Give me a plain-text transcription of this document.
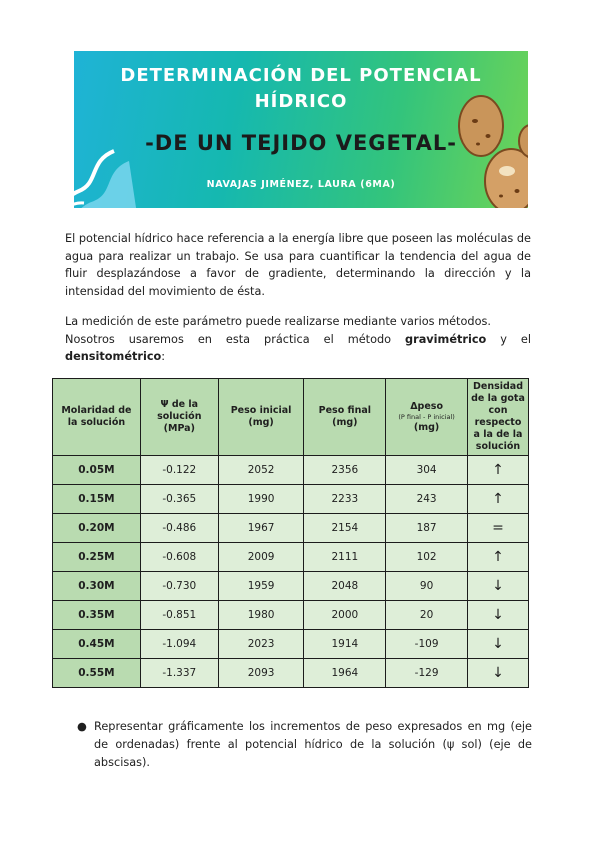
DETERMINACIÓN DEL POTENCIAL
HÍDRICO
-DE UN TEJIDO VEGETAL-
NAVAJAS JIMÉNEZ, LAURA (6MA)
El potencial hídrico hace referencia a la energía libre que poseen las moléculas de agua para realizar un trabajo. Se usa para cuantificar la tendencia del agua de fluir desplazándose a favor de gradiente, determinando la dirección y la intensidad del movimiento de ésta.
La medición de este parámetro puede realizarse mediante varios métodos.
Nosotros usaremos en esta práctica el método gravimétrico y el densitométrico:
Molaridad de la solución	Ψ de la solución (MPa)	Peso inicial (mg)	Peso final (mg)	Δpeso
(P final - P inicial)
(mg)	Densidad de la gota con respecto a la de la solución
0.05M	-0.122	2052	2356	304	↑
0.15M	-0.365	1990	2233	243	↑
0.20M	-0.486	1967	2154	187	=
0.25M	-0.608	2009	2111	102	↑
0.30M	-0.730	1959	2048	90	↓
0.35M	-0.851	1980	2000	20	↓
0.45M	-1.094	2023	1914	-109	↓
0.55M	-1.337	2093	1964	-129	↓
● Representar gráficamente los incrementos de peso expresados en mg (eje de ordenadas) frente al potencial hídrico de la solución (ψ sol) (eje de abscisas).
